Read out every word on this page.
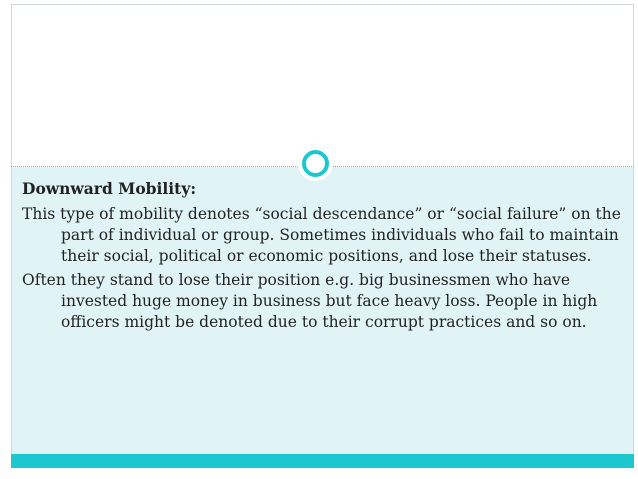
Downward Mobility:
This type of mobility denotes “social descendance” or “social failure” on the part of individual or group. Sometimes individuals who fail to maintain their social, political or economic positions, and lose their statuses.
Often they stand to lose their position e.g. big businessmen who have invested huge money in business but face heavy loss. People in high officers might be denoted due to their corrupt practices and so on.
